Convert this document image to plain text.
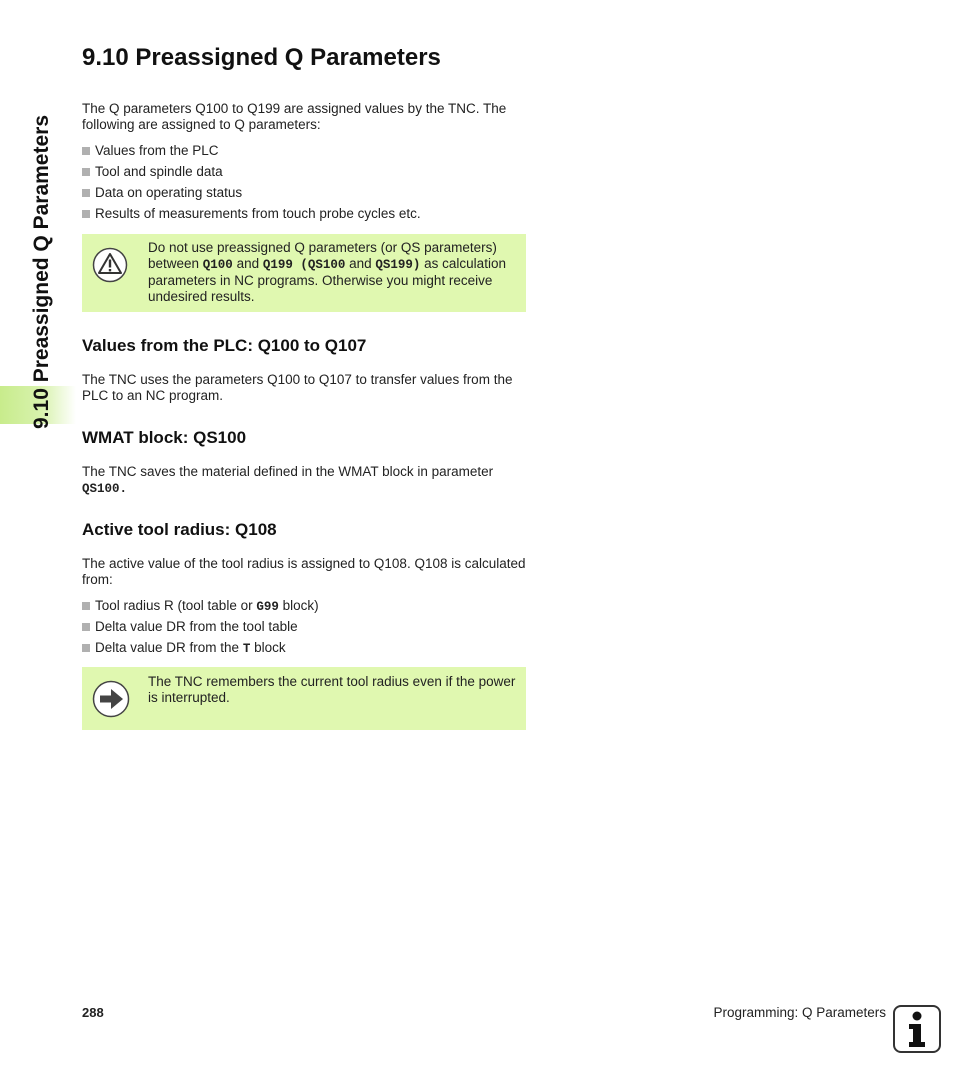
9.10 Preassigned Q Parameters
9.10 Preassigned Q Parameters

The Q parameters Q100 to Q199 are assigned values by the TNC. The following are assigned to Q parameters:

Values from the PLC
Tool and spindle data
Data on operating status
Results of measurements from touch probe cycles etc.
Do not use preassigned Q parameters (or QS parameters) between Q100 and Q199 (QS100 and QS199) as calculation parameters in NC programs. Otherwise you might receive undesired results.
Values from the PLC: Q100 to Q107

The TNC uses the parameters Q100 to Q107 to transfer values from the PLC to an NC program.

WMAT block: QS100

The TNC saves the material defined in the WMAT block in parameter QS100.

Active tool radius: Q108

The active value of the tool radius is assigned to Q108. Q108 is calculated from:

Tool radius R (tool table or G99 block)
Delta value DR from the tool table
Delta value DR from the T block
The TNC remembers the current tool radius even if the power is interrupted.
288	Programming: Q Parameters
